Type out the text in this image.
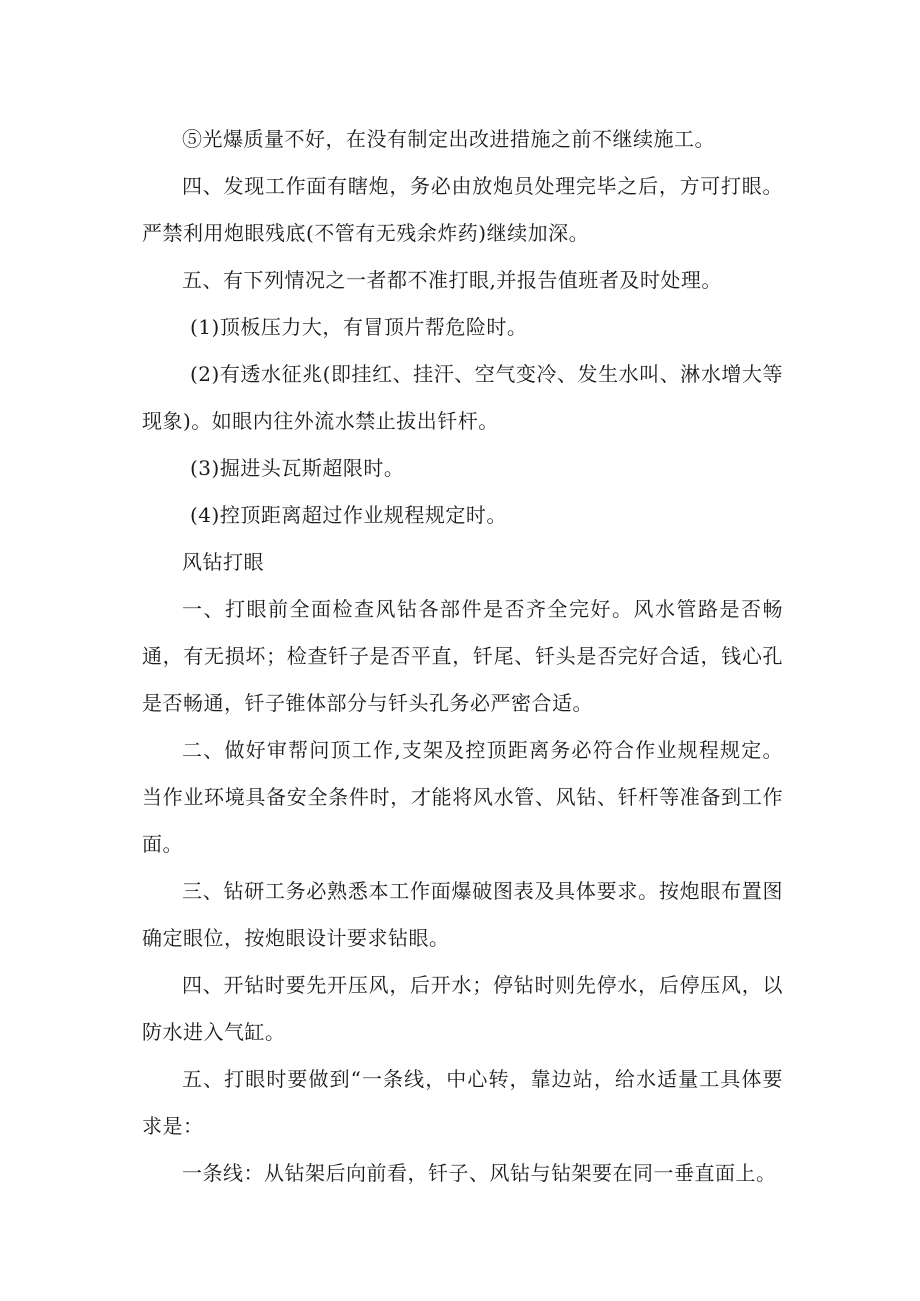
⑤光爆质量不好，在没有制定出改进措施之前不继续施工。

四、发现工作面有瞎炮，务必由放炮员处理完毕之后，方可打眼。严禁利用炮眼残底(不管有无残余炸药)继续加深。

五、有下列情况之一者都不准打眼,并报告值班者及时处理。

(1)顶板压力大，有冒顶片帮危险时。

(2)有透水征兆(即挂红、挂汗、空气变冷、发生水叫、淋水增大等现象)。如眼内往外流水禁止拔出钎杆。

(3)掘进头瓦斯超限时。

(4)控顶距离超过作业规程规定时。

风钻打眼

一、打眼前全面检查风钻各部件是否齐全完好。风水管路是否畅通，有无损坏；检查钎子是否平直，钎尾、钎头是否完好合适，钱心孔是否畅通，钎子锥体部分与钎头孔务必严密合适。

二、做好审帮问顶工作,支架及控顶距离务必符合作业规程规定。当作业环境具备安全条件时，才能将风水管、风钻、钎杆等准备到工作面。

三、钻研工务必熟悉本工作面爆破图表及具体要求。按炮眼布置图确定眼位，按炮眼设计要求钻眼。

四、开钻时要先开压风，后开水；停钻时则先停水，后停压风，以防水进入气缸。

五、打眼时要做到“一条线，中心转，靠边站，给水适量工具体要求是：

一条线：从钻架后向前看，钎子、风钻与钻架要在同一垂直面上。
